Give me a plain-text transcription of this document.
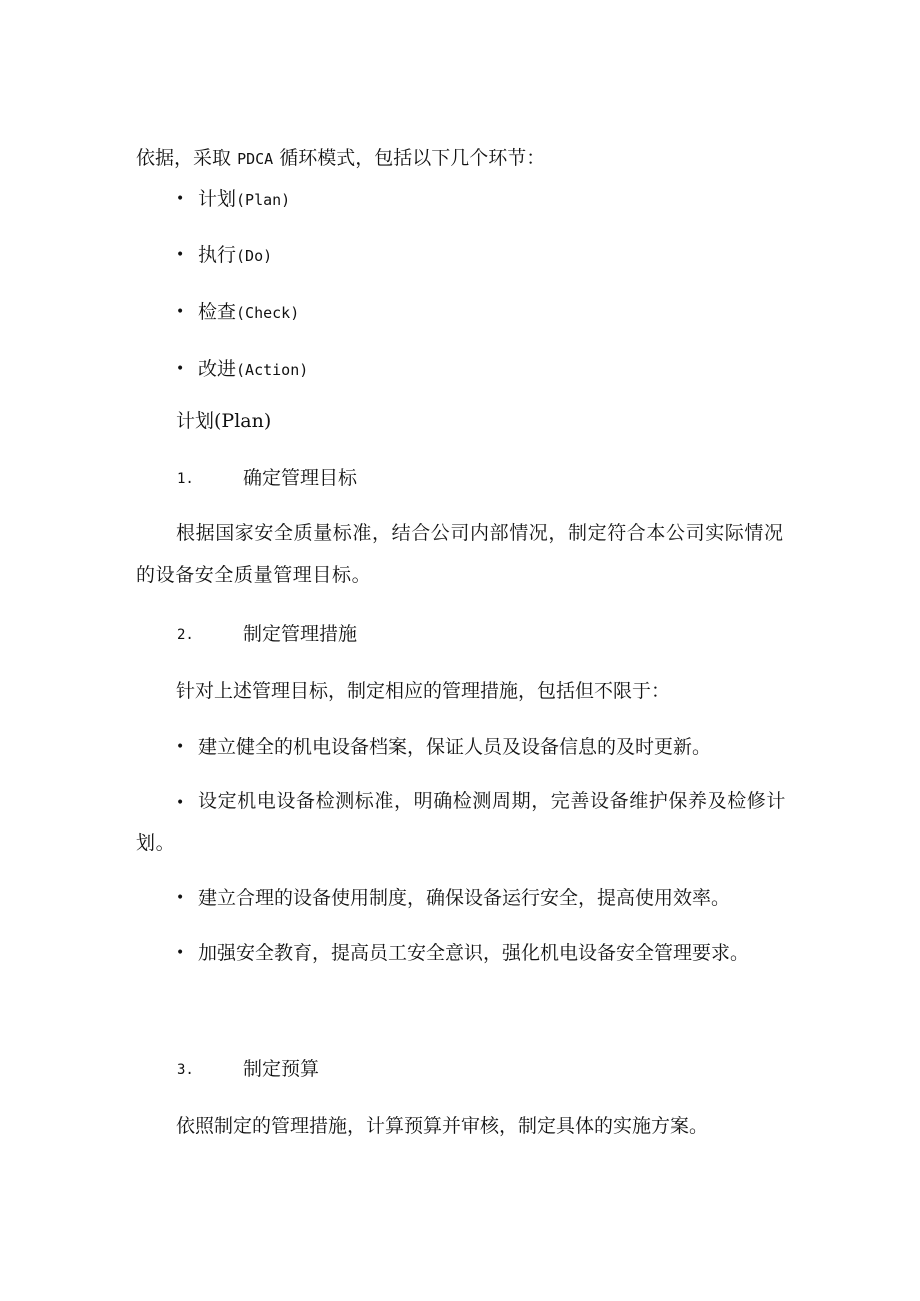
依据，采取 PDCA 循环模式，包括以下几个环节：
• 计划(Plan)
• 执行(Do)
• 检查(Check)
• 改进(Action)
计划(Plan)
1.	确定管理目标
根据国家安全质量标准，结合公司内部情况，制定符合本公司实际情况的设备安全质量管理目标。
2.	制定管理措施
针对上述管理目标，制定相应的管理措施，包括但不限于：
• 建立健全的机电设备档案，保证人员及设备信息的及时更新。
• 设定机电设备检测标准，明确检测周期，完善设备维护保养及检修计划。
• 建立合理的设备使用制度，确保设备运行安全，提高使用效率。
• 加强安全教育，提高员工安全意识，强化机电设备安全管理要求。
3.	制定预算
依照制定的管理措施，计算预算并审核，制定具体的实施方案。
